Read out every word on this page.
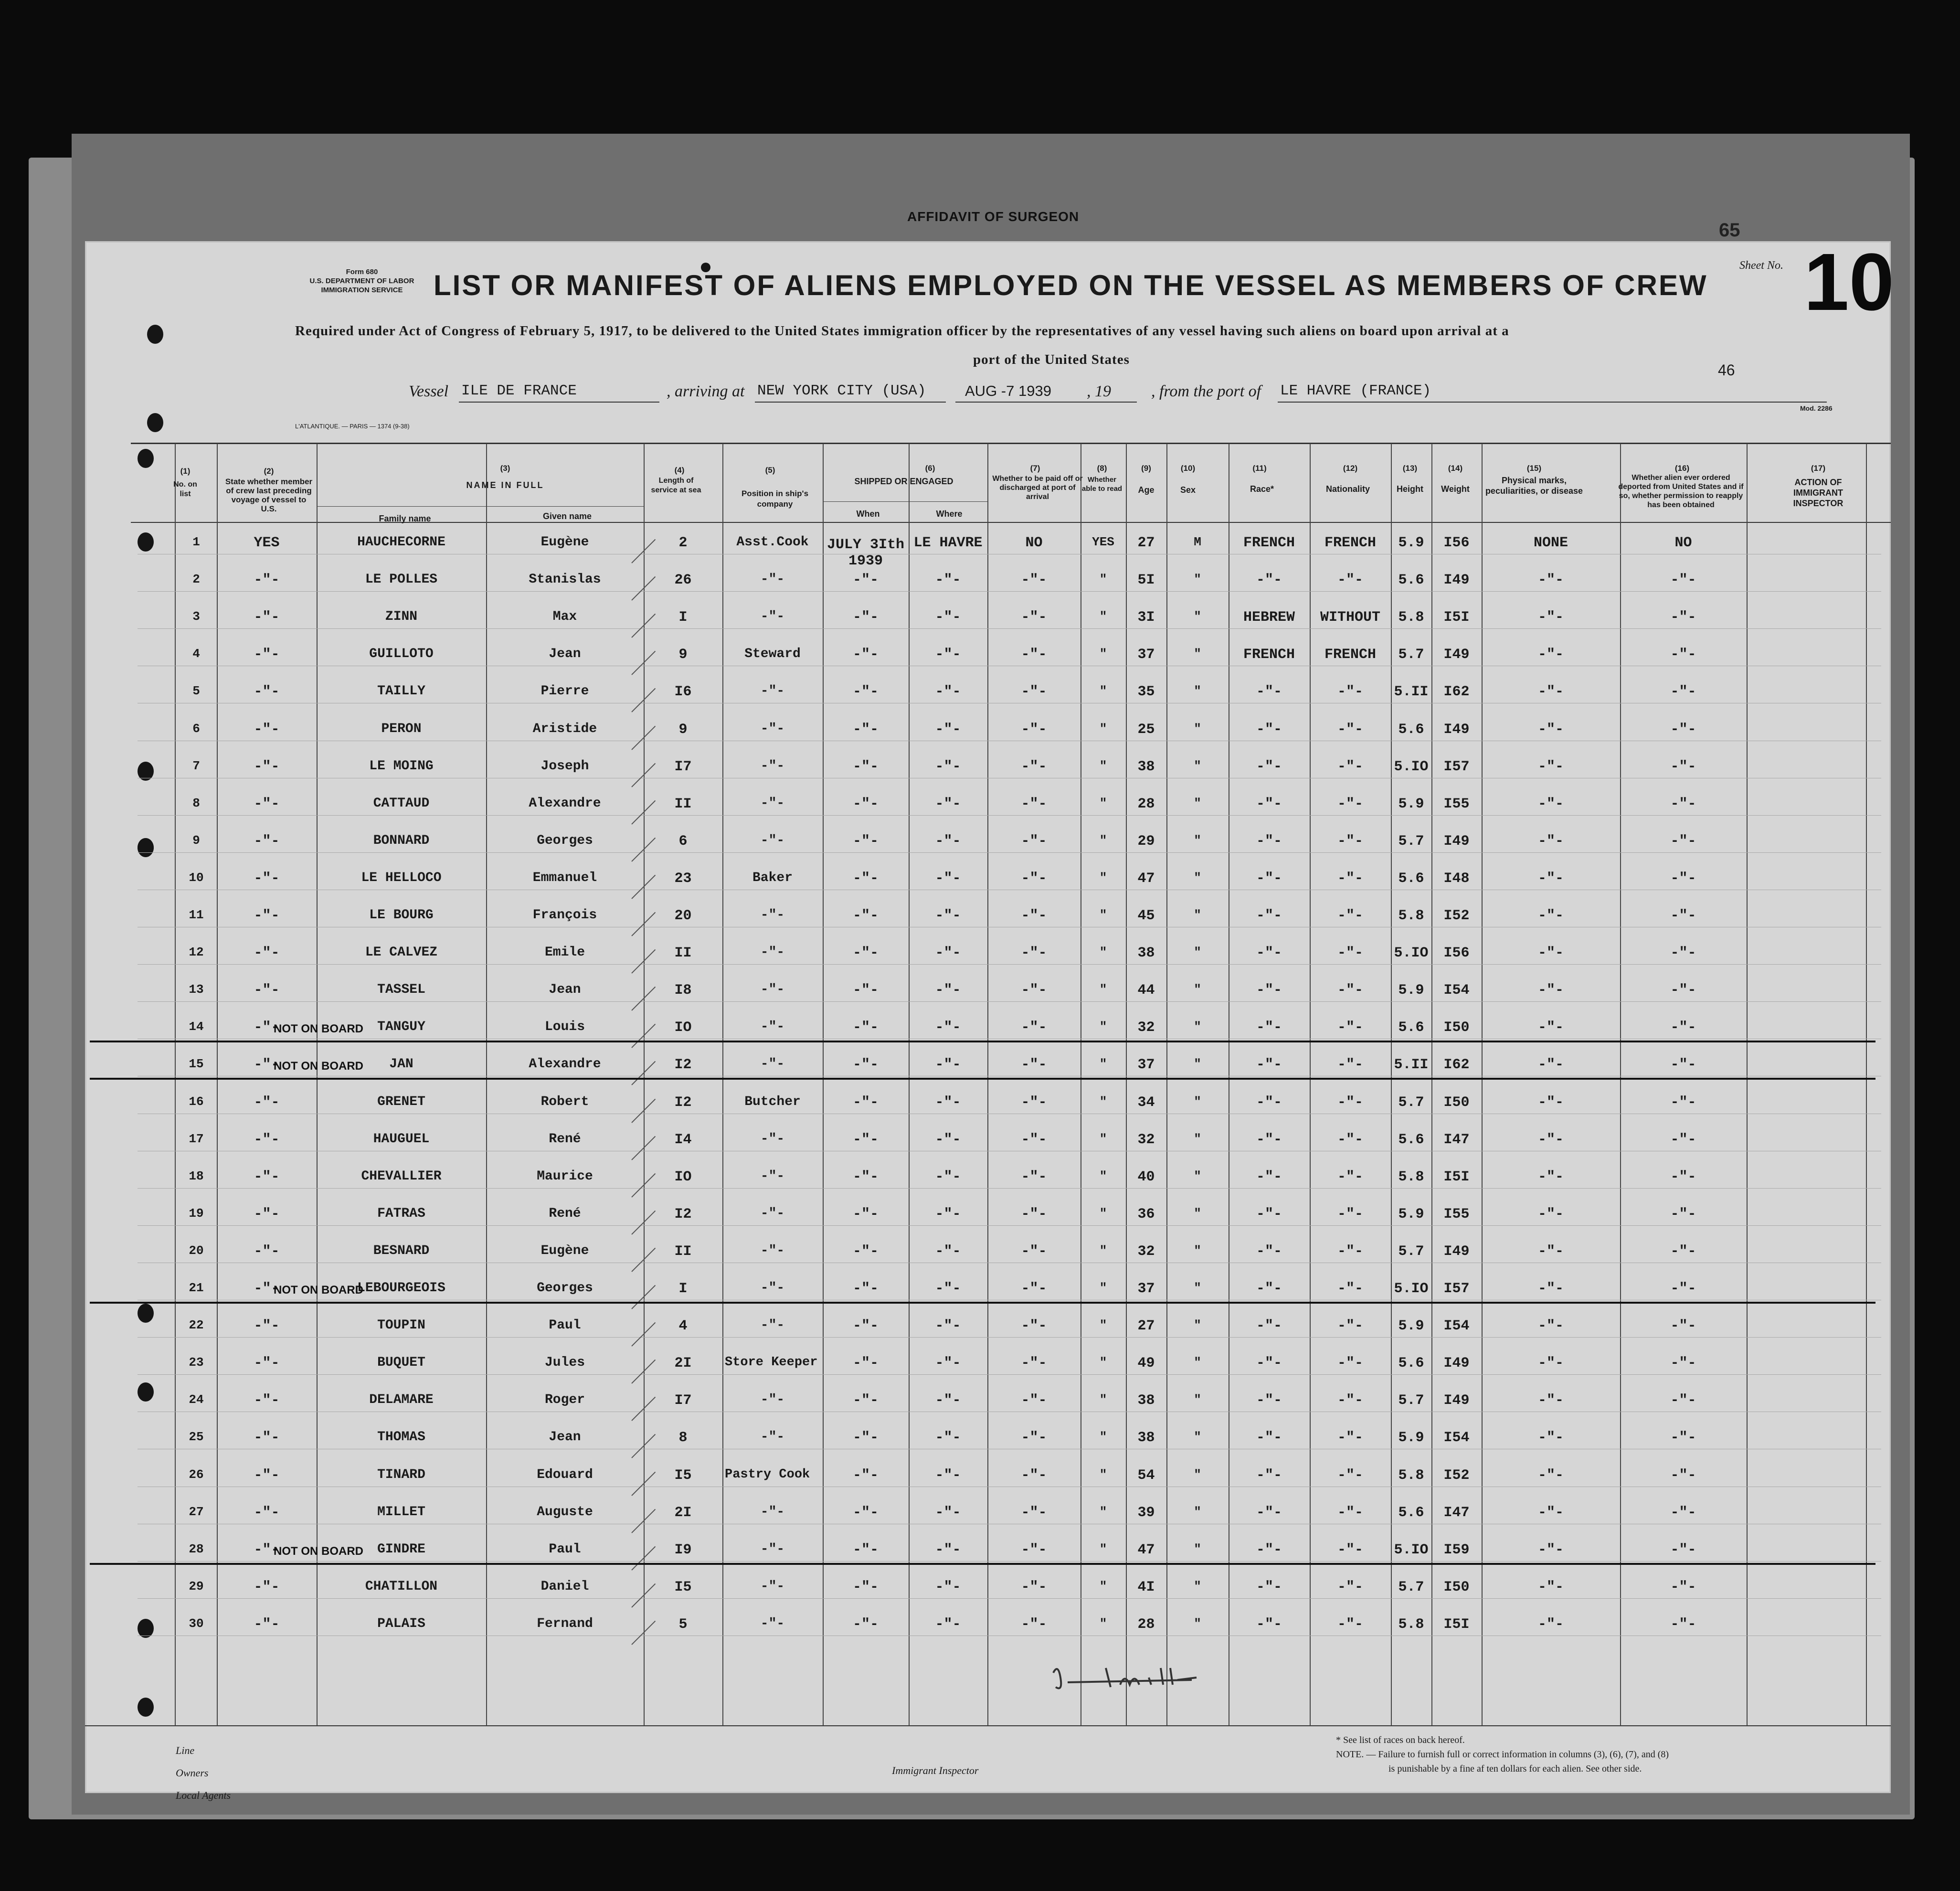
AFFIDAVIT OF SURGEON
65
Form 680
U.S. DEPARTMENT OF LABOR
IMMIGRATION SERVICE	LIST OR MANIFEST OF ALIENS EMPLOYED ON THE VESSEL AS MEMBERS OF CREW
Sheet No. 10
Required under Act of Congress of February 5, 1917, to be delivered to the United States immigration officer by the representatives of any vessel having such aliens on board upon arrival at a
port of the United States
46
Vessel ILE DE FRANCE	, arriving at NEW YORK CITY (USA)	AUG -7 1939 , 19 , from the port of LE HAVRE (FRANCE)
L'ATLANTIQUE. — PARIS — 1374 (9-38)
Mod. 2286
(1)
No. on list
(2)
State whether member of crew last preceding voyage of vessel to U.S.
(3)
NAME IN FULL
Family name	Given name
(4)
Length of service at sea
(5)
Position in ship's company
(6)
SHIPPED OR ENGAGED
When	Where
(7)
Whether to be paid off or discharged at port of arrival
(8)
Whether able to read
(9)
Age
(10)
Sex
(11)
Race*
(12)
Nationality
(13)
Height
(14)
Weight
(15)
Physical marks, peculiarities, or disease
(16)
Whether alien ever ordered deported from United States and if so, whether permission to reapply has been obtained
(17)
ACTION OF IMMIGRANT INSPECTOR
1	YES	HAUCHECORNE	Eugène	2	Asst.Cook	JULY 3Ith LE HAVRE	NO	YES	27	M	FRENCH	FRENCH	5.9	I56	NONE	NO
1939
2	-"-	LE POLLES	Stanislas	26	-"-	-"-	-"-	-"-	"	5I	"	-"-	-"-	5.6	I49	-"-	-"-
3	-"-	ZINN	Max	I	-"-	-"-	-"-	-"-	"	3I	"	HEBREW	WITHOUT	5.8	I5I	-"-	-"-
4	-"-	GUILLOTO	Jean	9	Steward	-"-	-"-	-"-	"	37	"	FRENCH	FRENCH	5.7	I49	-"-	-"-
5	-"-	TAILLY	Pierre	I6	-"-	-"-	-"-	-"-	"	35	"	-"-	-"-	5.II	I62	-"-	-"-
6	-"-	PERON	Aristide	9	-"-	-"-	-"-	-"-	"	25	"	-"-	-"-	5.6	I49	-"-	-"-
7	-"-	LE MOING	Joseph	I7	-"-	-"-	-"-	-"-	"	38	"	-"-	-"-	5.IO	I57	-"-	-"-
8	-"-	CATTAUD	Alexandre	II	-"-	-"-	-"-	-"-	"	28	"	-"-	-"-	5.9	I55	-"-	-"-
9	-"-	BONNARD	Georges	6	-"-	-"-	-"-	-"-	"	29	"	-"-	-"-	5.7	I49	-"-	-"-
10	-"-	LE HELLOCO	Emmanuel	23	Baker	-"-	-"-	-"-	"	47	"	-"-	-"-	5.6	I48	-"-	-"-
11	-"-	LE BOURG	François	20	-"-	-"-	-"-	-"-	"	45	"	-"-	-"-	5.8	I52	-"-	-"-
12	-"-	LE CALVEZ	Emile	II	-"-	-"-	-"-	-"-	"	38	"	-"-	-"-	5.IO	I56	-"-	-"-
13	-"-	TASSEL	Jean	I8	-"-	-"-	-"-	-"-	"	44	"	-"-	-"-	5.9	I54	-"-	-"-
14	-"-	TANGUY	Louis	IO	-"-	-"-	-"-	-"-	"	32	"	-"-	-"-	5.6	I50	-"-	-"-
NOT ON BOARD
15	-"-	JAN	Alexandre	I2	-"-	-"-	-"-	-"-	"	37	"	-"-	-"-	5.II	I62	-"-	-"-
NOT ON BOARD
16	-"-	GRENET	Robert	I2	Butcher	-"-	-"-	-"-	"	34	"	-"-	-"-	5.7	I50	-"-	-"-
17	-"-	HAUGUEL	René	I4	-"-	-"-	-"-	-"-	"	32	"	-"-	-"-	5.6	I47	-"-	-"-
18	-"-	CHEVALLIER	Maurice	IO	-"-	-"-	-"-	-"-	"	40	"	-"-	-"-	5.8	I5I	-"-	-"-
19	-"-	FATRAS	René	I2	-"-	-"-	-"-	-"-	"	36	"	-"-	-"-	5.9	I55	-"-	-"-
20	-"-	BESNARD	Eugène	II	-"-	-"-	-"-	-"-	"	32	"	-"-	-"-	5.7	I49	-"-	-"-
21	-"-	LEBOURGEOIS	Georges	I	-"-	-"-	-"-	-"-	"	37	"	-"-	-"-	5.IO	I57	-"-	-"-
NOT ON BOARD
22	-"-	TOUPIN	Paul	4	-"-	-"-	-"-	-"-	"	27	"	-"-	-"-	5.9	I54	-"-	-"-
23	-"-	BUQUET	Jules	2I	Store Keeper	-"-	-"-	-"-	"	49	"	-"-	-"-	5.6	I49	-"-	-"-
24	-"-	DELAMARE	Roger	I7	-"-	-"-	-"-	-"-	"	38	"	-"-	-"-	5.7	I49	-"-	-"-
25	-"-	THOMAS	Jean	8	-"-	-"-	-"-	-"-	"	38	"	-"-	-"-	5.9	I54	-"-	-"-
26	-"-	TINARD	Edouard	I5	Pastry Cook	-"-	-"-	-"-	"	54	"	-"-	-"-	5.8	I52	-"-	-"-
27	-"-	MILLET	Auguste	2I	-"-	-"-	-"-	-"-	"	39	"	-"-	-"-	5.6	I47	-"-	-"-
28	-"-	GINDRE	Paul	I9	-"-	-"-	-"-	-"-	"	47	"	-"-	-"-	5.IO	I59	-"-	-"-
NOT ON BOARD
29	-"-	CHATILLON	Daniel	I5	-"-	-"-	-"-	-"-	"	4I	"	-"-	-"-	5.7	I50	-"-	-"-
30	-"-	PALAIS	Fernand	5	-"-	-"-	-"-	-"-	"	28	"	-"-	-"-	5.8	I5I	-"-	-"-
Line
Owners
Local Agents
Immigrant Inspector
* See list of races on back hereof.
NOTE. — Failure to furnish full or correct information in columns (3), (6), (7), and (8)
is punishable by a fine af ten dollars for each alien. See other side.
